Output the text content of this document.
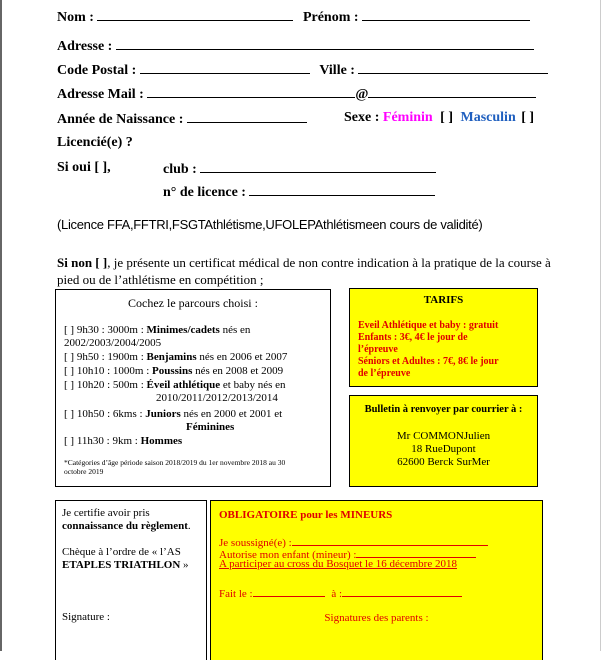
Nom :	Prénom :
Adresse :
Code Postal :	Ville :
Adresse Mail :	@
Année de Naissance :	Sexe : Féminin [ ] Masculin [ ]
Licencié(e) ?
Si oui [ ],	club :
n° de licence :
(Licence FFA,FFTRI,FSGTAthlétisme,UFOLEPAthlétismeen cours de validité)
Si non [ ], je présente un certificat médical de non contre indication à la pratique de la course à
pied ou de l’athlétisme en compétition ;
Cochez le parcours choisi :
[ ] 9h30 : 3000m : Minimes/cadets nés en
2002/2003/2004/2005
[ ] 9h50 : 1900m : Benjamins nés en 2006 et 2007
[ ] 10h10 : 1000m : Poussins nés en 2008 et 2009
[ ] 10h20 : 500m : Éveil athlétique et baby nés en
2010/2011/2012/2013/2014
[ ] 10h50 : 6kms : Juniors nés en 2000 et 2001 et
Féminines
[ ] 11h30 : 9km : Hommes
*Catégories d’âge période saison 2018/2019 du 1er novembre 2018 au 30
octobre 2019
TARIFS
Eveil Athlétique et baby : gratuit
Enfants : 3€, 4€ le jour de
l’épreuve
Séniors et Adultes : 7€, 8€ le jour
de l’épreuve
Bulletin à renvoyer par courrier à :
Mr COMMONJulien
18 RueDupont
62600 Berck SurMer
Je certifie avoir pris
connaissance du règlement.
Chèque à l’ordre de « l’AS
ETAPLES TRIATHLON »
Signature :
OBLIGATOIRE pour les MINEURS
Je soussigné(e) :
Autorise mon enfant (mineur) :
A participer au cross du Bosquet le 16 décembre 2018
Fait le :	à :
Signatures des parents :
